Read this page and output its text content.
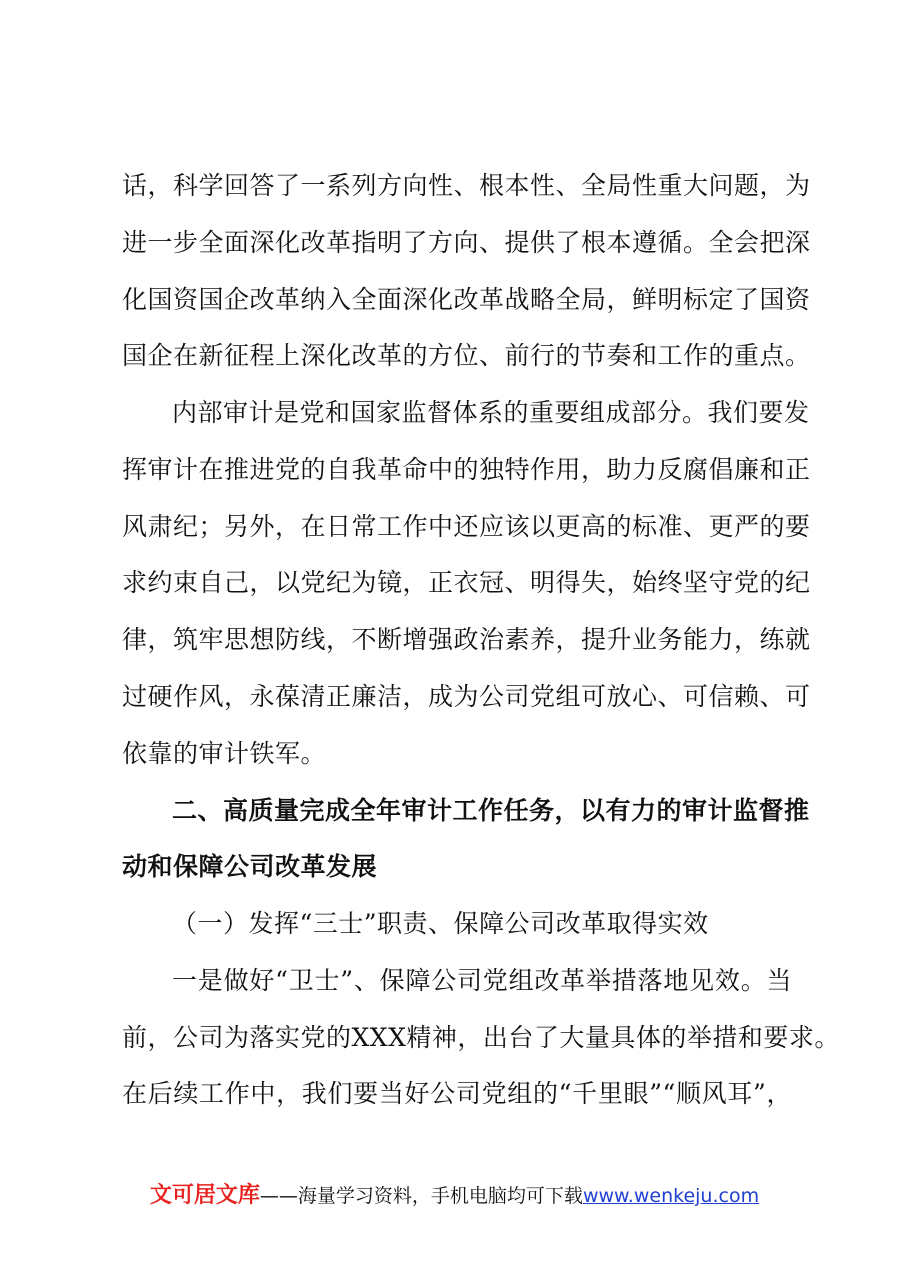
话，科学回答了一系列方向性、根本性、全局性重大问题，为

进一步全面深化改革指明了方向、提供了根本遵循。全会把深

化国资国企改革纳入全面深化改革战略全局，鲜明标定了国资

国企在新征程上深化改革的方位、前行的节奏和工作的重点。

内部审计是党和国家监督体系的重要组成部分。我们要发

挥审计在推进党的自我革命中的独特作用，助力反腐倡廉和正

风肃纪；另外，在日常工作中还应该以更高的标准、更严的要

求约束自己，以党纪为镜，正衣冠、明得失，始终坚守党的纪

律，筑牢思想防线，不断增强政治素养，提升业务能力，练就

过硬作风，永葆清正廉洁，成为公司党组可放心、可信赖、可

依靠的审计铁军。

二、高质量完成全年审计工作任务，以有力的审计监督推

动和保障公司改革发展

（一）发挥“三士”职责、保障公司改革取得实效

一是做好“卫士”、保障公司党组改革举措落地见效。当

前，公司为落实党的XXX精神，出台了大量具体的举措和要求。

在后续工作中，我们要当好公司党组的“千里眼”“顺风耳”，

文可居文库——海量学习资料，手机电脑均可下载www.wenkeju.com
